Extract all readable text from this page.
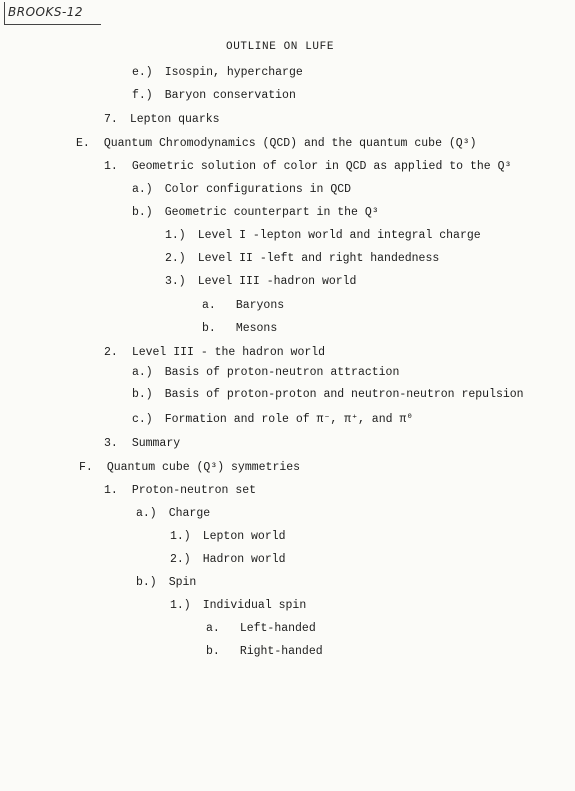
BROOKS-12
OUTLINE ON LUFE
e.) Isospin, hypercharge
f.) Baryon conservation
7. Lepton quarks
E. Quantum Chromodynamics (QCD) and the quantum cube (Q³)
1. Geometric solution of color in QCD as applied to the Q³
a.) Color configurations in QCD
b.) Geometric counterpart in the Q³
1.) Level I -lepton world and integral charge
2.) Level II -left and right handedness
3.) Level III -hadron world
a. Baryons
b. Mesons
2. Level III - the hadron world
a.) Basis of proton-neutron attraction
b.) Basis of proton-proton and neutron-neutron repulsion
c.) Formation and role of π⁻, π⁺, and π⁰
3. Summary
F. Quantum cube (Q³) symmetries
1. Proton-neutron set
a.) Charge
1.) Lepton world
2.) Hadron world
b.) Spin
1.) Individual spin
a. Left-handed
b. Right-handed
